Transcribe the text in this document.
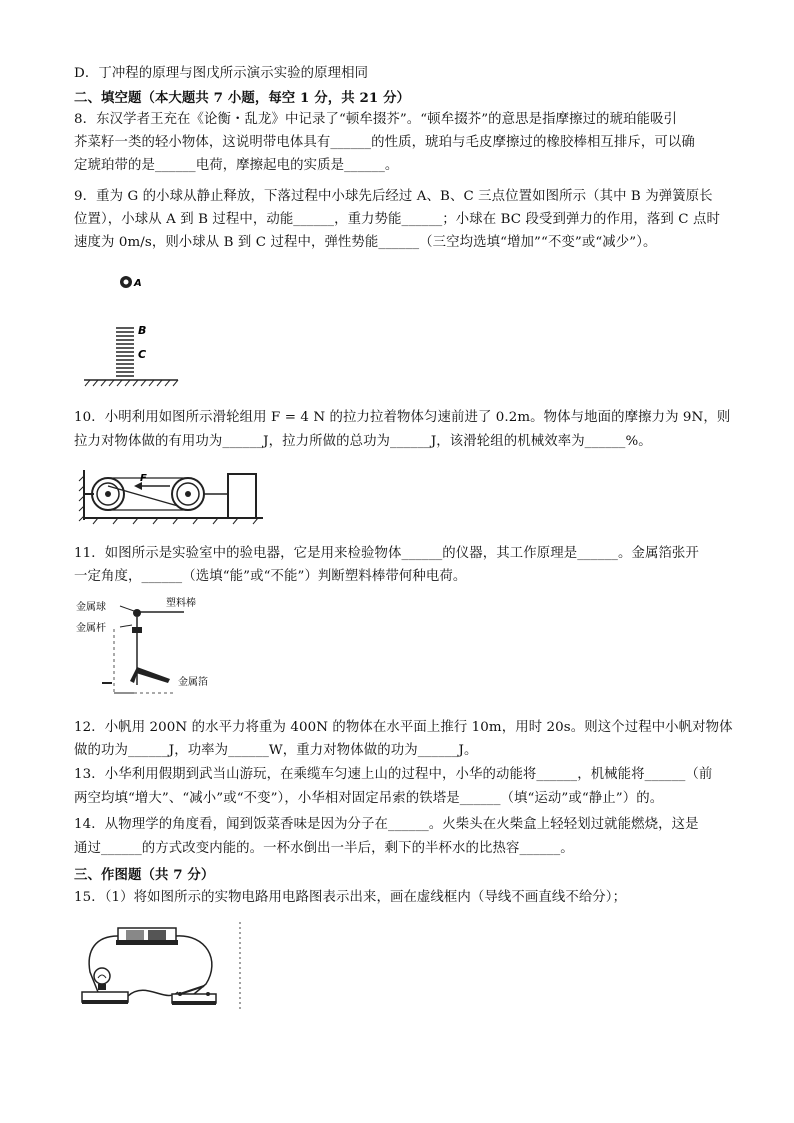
D．丁冲程的原理与图戊所示演示实验的原理相同
二、填空题（本大题共 7 小题，每空 1 分，共 21 分）
8．东汉学者王充在《论衡・乱龙》中记录了“顿牟掇芥”。“顿牟掇芥”的意思是指摩擦过的琥珀能吸引
芥菜籽一类的轻小物体，这说明带电体具有______的性质，琥珀与毛皮摩擦过的橡胶棒相互排斥，可以确
定琥珀带的是______电荷，摩擦起电的实质是______。
9．重为 G 的小球从静止释放，下落过程中小球先后经过 A、B、C 三点位置如图所示（其中 B 为弹簧原长
位置），小球从 A 到 B 过程中，动能______，重力势能______；小球在 BC 段受到弹力的作用，落到 C 点时
速度为 0m/s，则小球从 B 到 C 过程中，弹性势能______（三空均选填“增加”“不变”或“减少”）。
A
B
C
10．小明利用如图所示滑轮组用 F = 4 N 的拉力拉着物体匀速前进了 0.2m。物体与地面的摩擦力为 9N，则
拉力对物体做的有用功为______J，拉力所做的总功为______J，该滑轮组的机械效率为______%。
F
11．如图所示是实验室中的验电器，它是用来检验物体______的仪器，其工作原理是______。金属箔张开
一定角度，______（选填“能”或“不能”）判断塑料棒带何种电荷。
金属球
金属杆
塑料棒
金属箔
12．小帆用 200N 的水平力将重为 400N 的物体在水平面上推行 10m，用时 20s。则这个过程中小帆对物体
做的功为______J，功率为______W，重力对物体做的功为______J。
13．小华利用假期到武当山游玩，在乘缆车匀速上山的过程中，小华的动能将______，机械能将______（前
两空均填“增大”、“减小”或“不变”），小华相对固定吊索的铁塔是______（填“运动”或“静止”）的。
14．从物理学的角度看，闻到饭菜香味是因为分子在______。火柴头在火柴盒上轻轻划过就能燃烧，这是
通过______的方式改变内能的。一杯水倒出一半后，剩下的半杯水的比热容______。
三、作图题（共 7 分）
15．（1）将如图所示的实物电路用电路图表示出来，画在虚线框内（导线不画直线不给分）；
